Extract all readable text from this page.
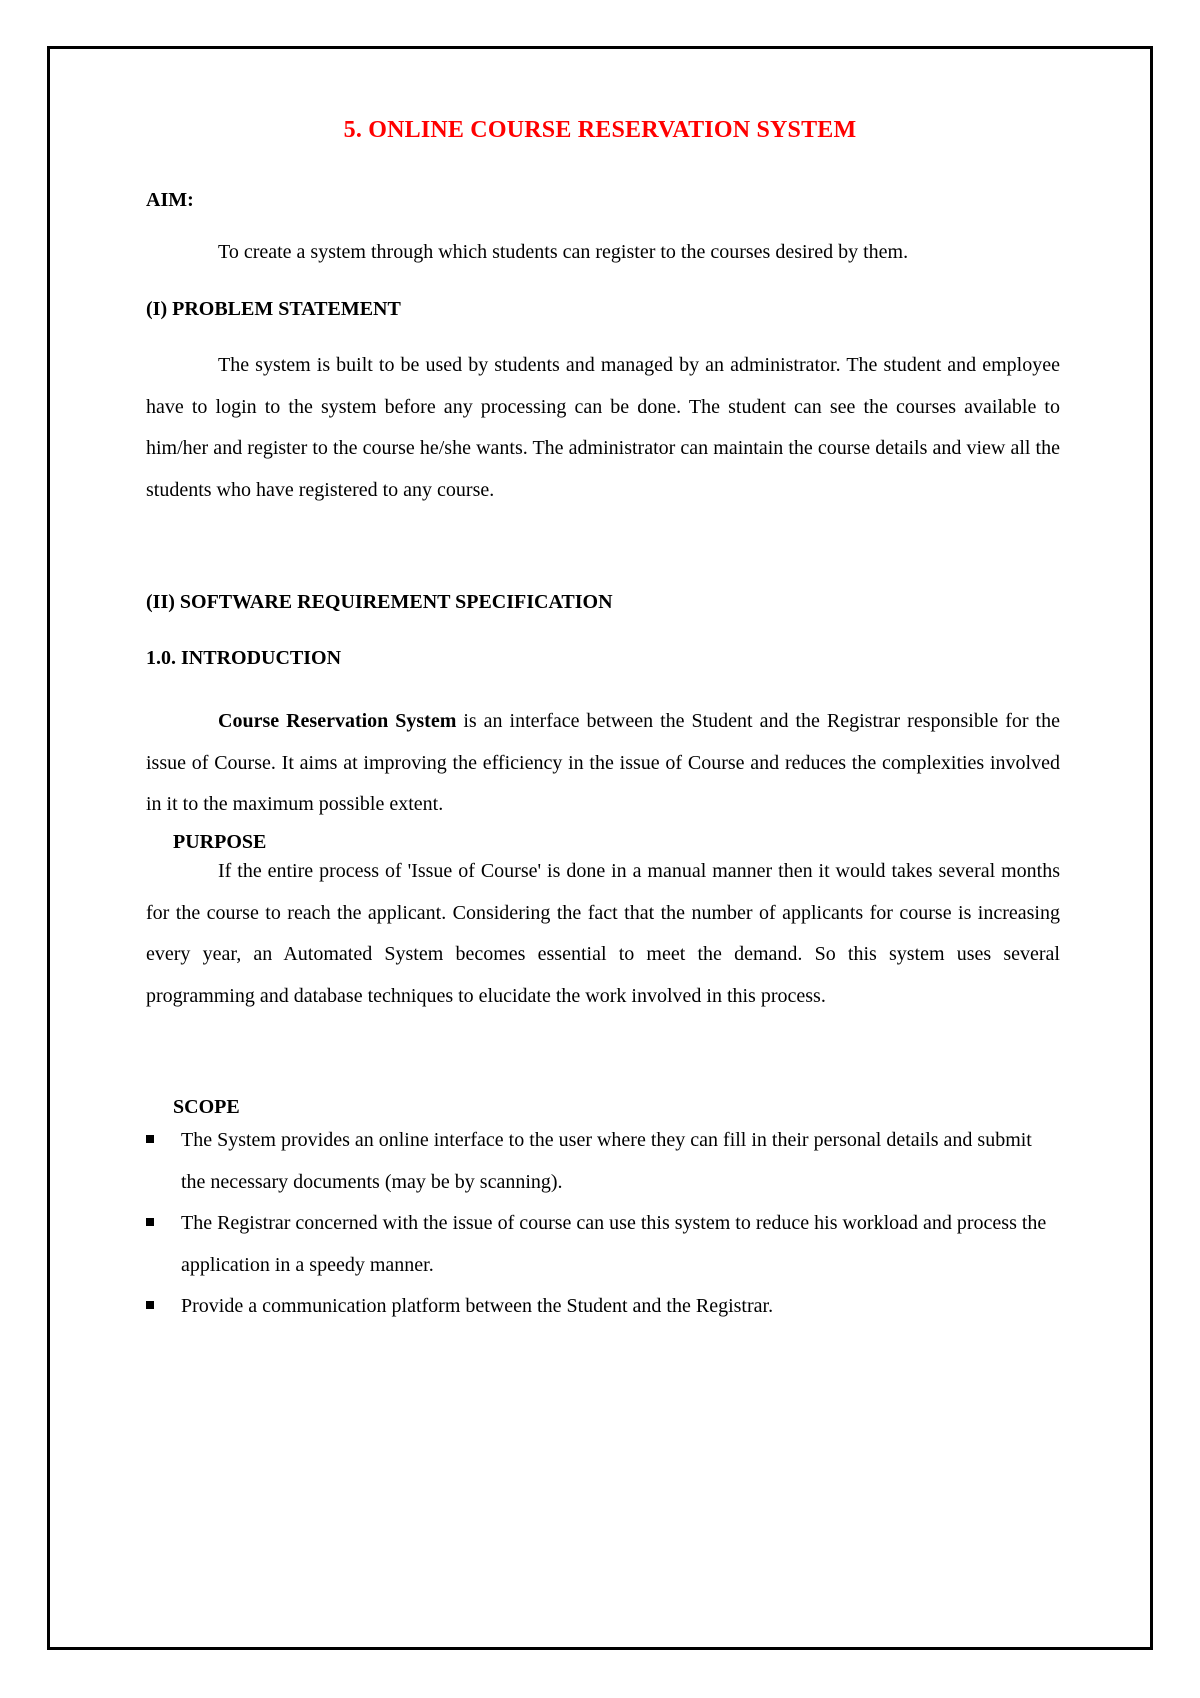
5. ONLINE COURSE RESERVATION SYSTEM
AIM:
To create a system through which students can register to the courses desired by them.
(I) PROBLEM STATEMENT
The system is built to be used by students and managed by an administrator. The student and employee have to login to the system before any processing can be done. The student can see the courses available to him/her and register to the course he/she wants. The administrator can maintain the course details and view all the students who have registered to any course.
(II) SOFTWARE REQUIREMENT SPECIFICATION
1.0. INTRODUCTION
Course Reservation System is an interface between the Student and the Registrar responsible for the issue of Course. It aims at improving the efficiency in the issue of Course and reduces the complexities involved in it to the maximum possible extent.
PURPOSE
If the entire process of 'Issue of Course' is done in a manual manner then it would takes several months for the course to reach the applicant. Considering the fact that the number of applicants for course is increasing every year, an Automated System becomes essential to meet the demand. So this system uses several programming and database techniques to elucidate the work involved in this process.
SCOPE
The System provides an online interface to the user where they can fill in their personal details and submit the necessary documents (may be by scanning).
The Registrar concerned with the issue of course can use this system to reduce his workload and process the application in a speedy manner.
Provide a communication platform between the Student and the Registrar.
